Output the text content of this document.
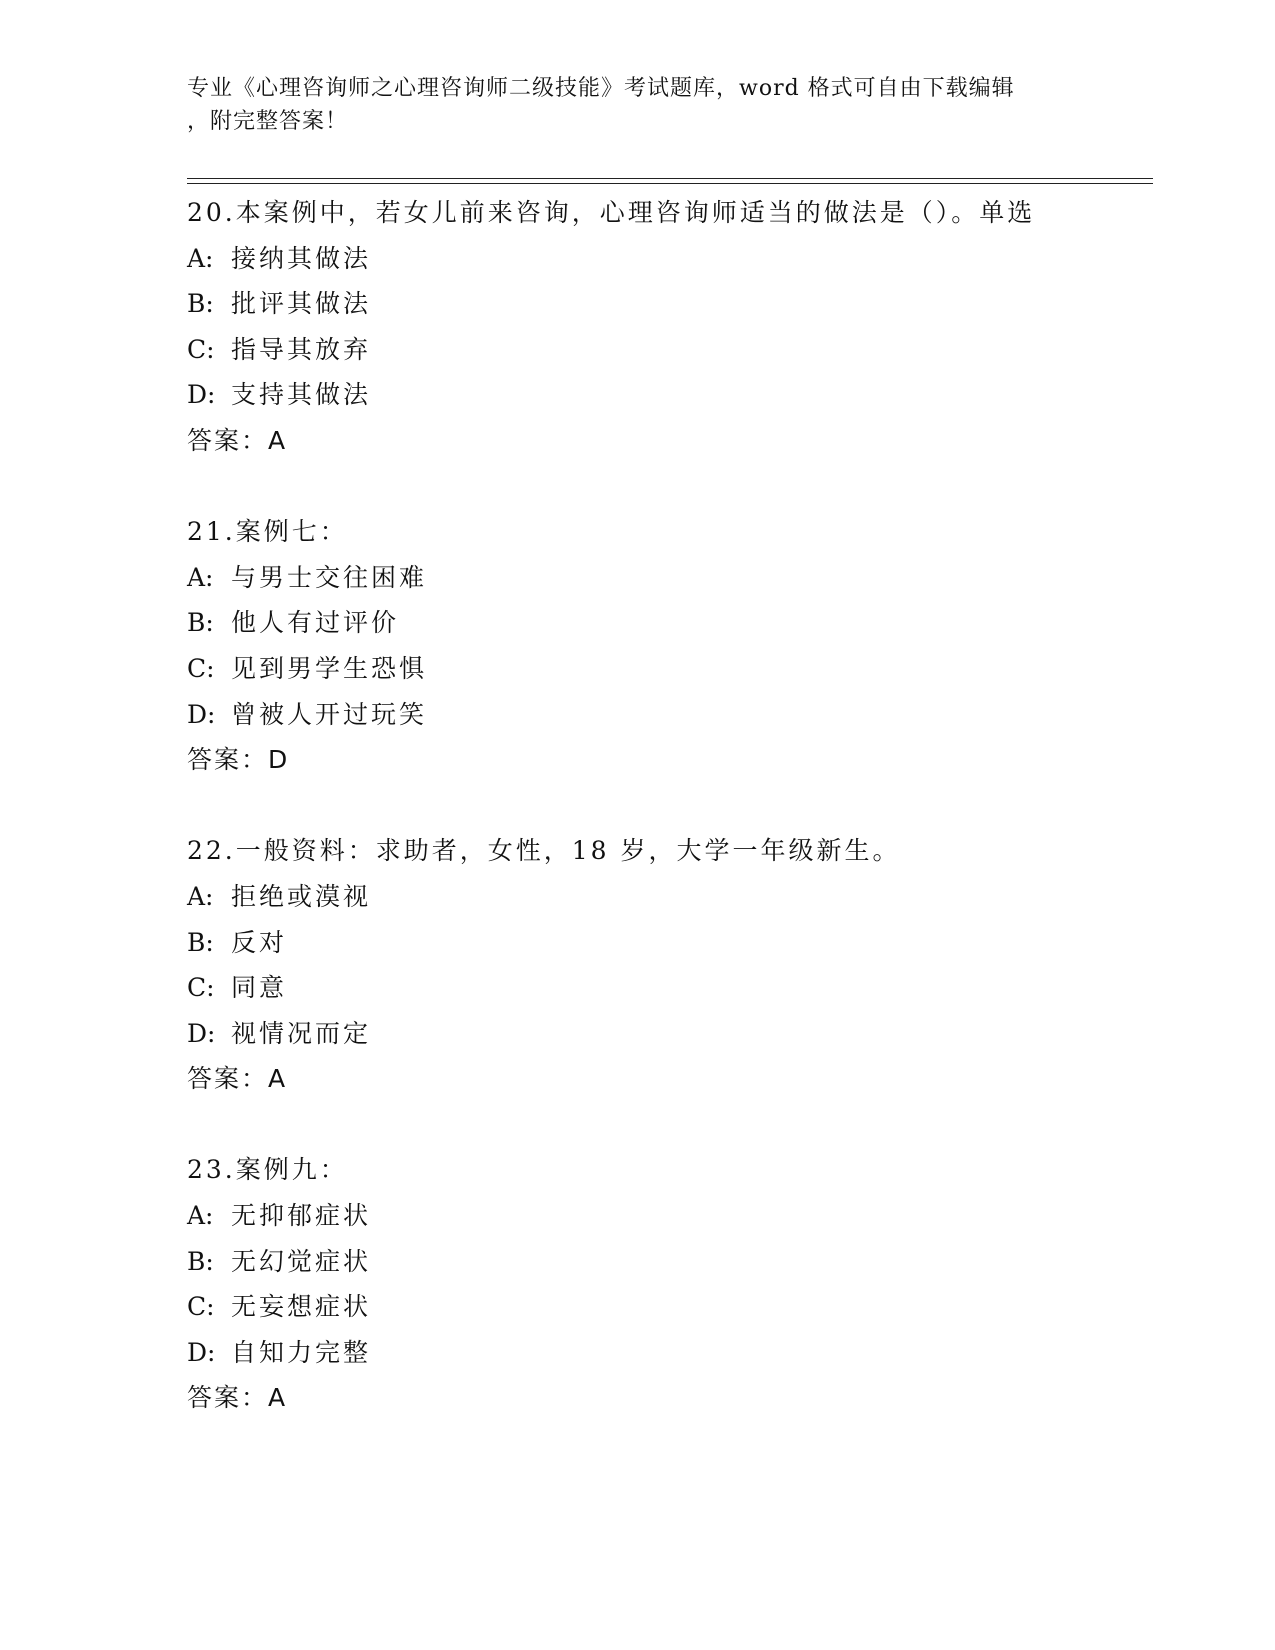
专业《心理咨询师之心理咨询师二级技能》考试题库，word 格式可自由下载编辑
，附完整答案！
20.本案例中，若女儿前来咨询，心理咨询师适当的做法是（）。单选
A: 接纳其做法
B: 批评其做法
C: 指导其放弃
D: 支持其做法
答案：A
21.案例七：
A: 与男士交往困难
B: 他人有过评价
C: 见到男学生恐惧
D: 曾被人开过玩笑
答案：D
22.一般资料：求助者，女性，18 岁，大学一年级新生。
A: 拒绝或漠视
B: 反对
C: 同意
D: 视情况而定
答案：A
23.案例九：
A: 无抑郁症状
B: 无幻觉症状
C: 无妄想症状
D: 自知力完整
答案：A
